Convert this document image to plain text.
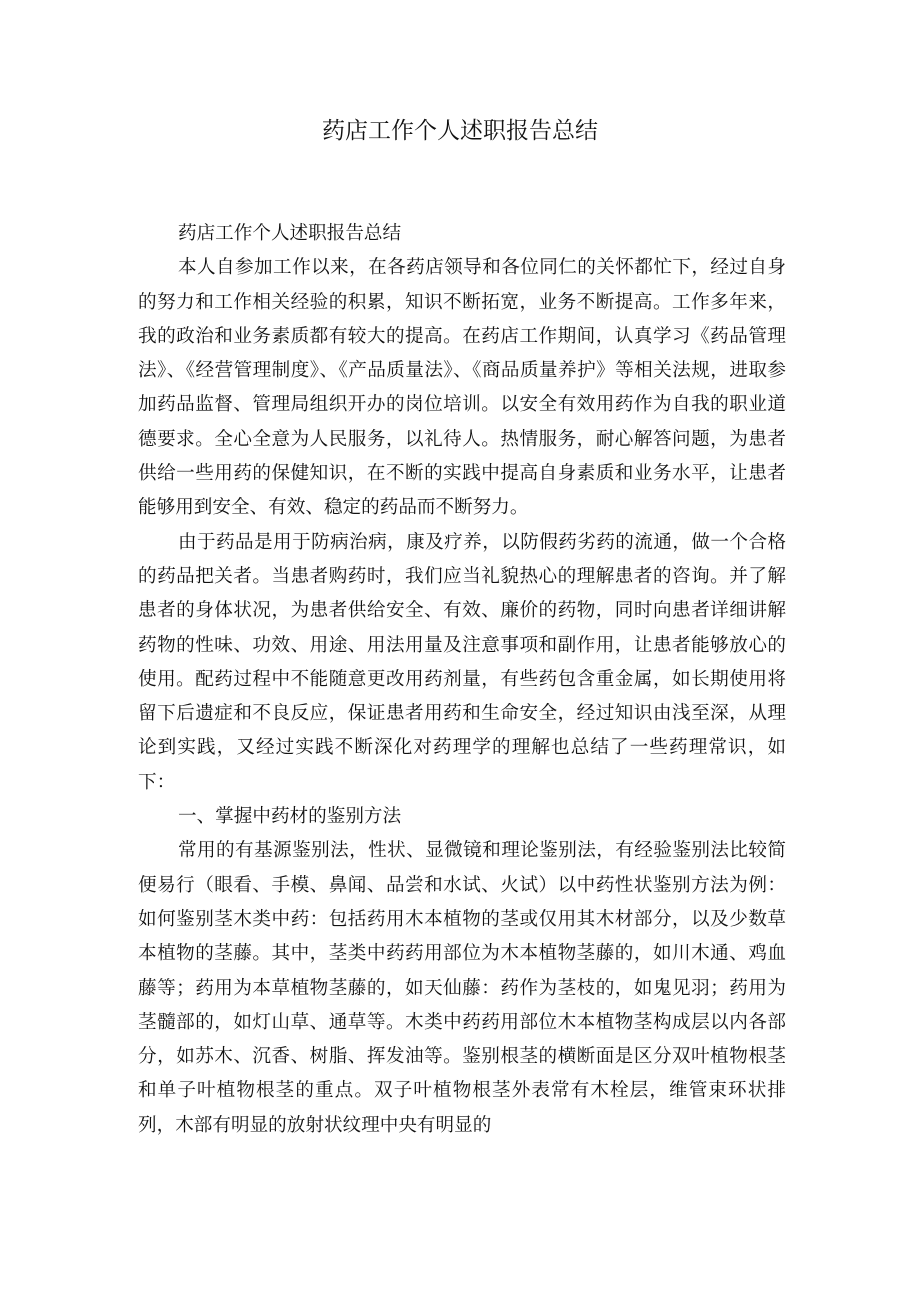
药店工作个人述职报告总结

药店工作个人述职报告总结

本人自参加工作以来，在各药店领导和各位同仁的关怀都忙下，经过自身的努力和工作相关经验的积累，知识不断拓宽，业务不断提高。工作多年来，我的政治和业务素质都有较大的提高。在药店工作期间，认真学习《药品管理法》、《经营管理制度》、《产品质量法》、《商品质量养护》等相关法规，进取参加药品监督、管理局组织开办的岗位培训。以安全有效用药作为自我的职业道德要求。全心全意为人民服务，以礼待人。热情服务，耐心解答问题，为患者供给一些用药的保健知识，在不断的实践中提高自身素质和业务水平，让患者能够用到安全、有效、稳定的药品而不断努力。

由于药品是用于防病治病，康及疗养，以防假药劣药的流通，做一个合格的药品把关者。当患者购药时，我们应当礼貌热心的理解患者的咨询。并了解患者的身体状况，为患者供给安全、有效、廉价的药物，同时向患者详细讲解药物的性味、功效、用途、用法用量及注意事项和副作用，让患者能够放心的使用。配药过程中不能随意更改用药剂量，有些药包含重金属，如长期使用将留下后遗症和不良反应，保证患者用药和生命安全，经过知识由浅至深，从理论到实践，又经过实践不断深化对药理学的理解也总结了一些药理常识，如下：

一、掌握中药材的鉴别方法

常用的有基源鉴别法，性状、显微镜和理论鉴别法，有经验鉴别法比较简便易行（眼看、手模、鼻闻、品尝和水试、火试）以中药性状鉴别方法为例：如何鉴别茎木类中药：包括药用木本植物的茎或仅用其木材部分，以及少数草本植物的茎藤。其中，茎类中药药用部位为木本植物茎藤的，如川木通、鸡血藤等；药用为本草植物茎藤的，如天仙藤：药作为茎枝的，如鬼见羽；药用为茎髓部的，如灯山草、通草等。木类中药药用部位木本植物茎构成层以内各部分，如苏木、沉香、树脂、挥发油等。鉴别根茎的横断面是区分双叶植物根茎和单子叶植物根茎的重点。双子叶植物根茎外表常有木栓层，维管束环状排列，木部有明显的放射状纹理中央有明显的
